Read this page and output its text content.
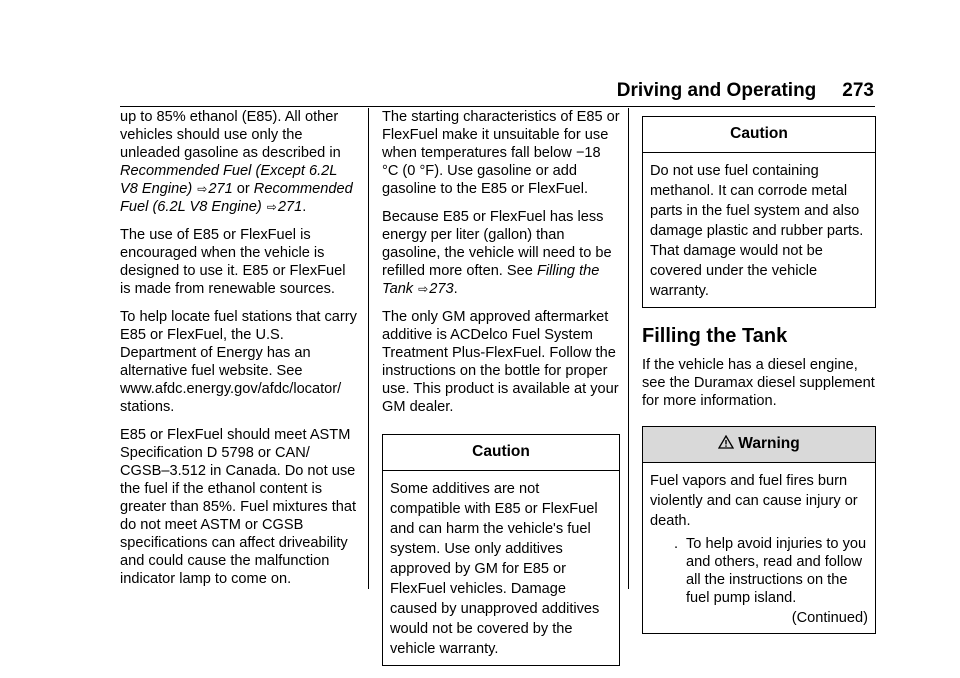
Driving and Operating 273

up to 85% ethanol (E85). All other vehicles should use only the unleaded gasoline as described in Recommended Fuel (Except 6.2L V8 Engine) ⇨271 or Recommended Fuel (6.2L V8 Engine) ⇨271.

The use of E85 or FlexFuel is encouraged when the vehicle is designed to use it. E85 or FlexFuel is made from renewable sources.

To help locate fuel stations that carry E85 or FlexFuel, the U.S. Department of Energy has an alternative fuel website. See www.afdc.energy.gov/afdc/locator/ stations.

E85 or FlexFuel should meet ASTM Specification D 5798 or CAN/ CGSB–3.512 in Canada. Do not use the fuel if the ethanol content is greater than 85%. Fuel mixtures that do not meet ASTM or CGSB specifications can affect driveability and could cause the malfunction indicator lamp to come on.

The starting characteristics of E85 or FlexFuel make it unsuitable for use when temperatures fall below −18 °C (0 °F). Use gasoline or add gasoline to the E85 or FlexFuel.

Because E85 or FlexFuel has less energy per liter (gallon) than gasoline, the vehicle will need to be refilled more often. See Filling the Tank ⇨273.

The only GM approved aftermarket additive is ACDelco Fuel System Treatment Plus-FlexFuel. Follow the instructions on the bottle for proper use. This product is available at your GM dealer.

Caution

Some additives are not compatible with E85 or FlexFuel and can harm the vehicle's fuel system. Use only additives approved by GM for E85 or FlexFuel vehicles. Damage caused by unapproved additives would not be covered by the vehicle warranty.

Caution

Do not use fuel containing methanol. It can corrode metal parts in the fuel system and also damage plastic and rubber parts. That damage would not be covered under the vehicle warranty.

Filling the Tank

If the vehicle has a diesel engine, see the Duramax diesel supplement for more information.

Warning

Fuel vapors and fuel fires burn violently and can cause injury or death.

. To help avoid injuries to you and others, read and follow all the instructions on the fuel pump island.
(Continued)
